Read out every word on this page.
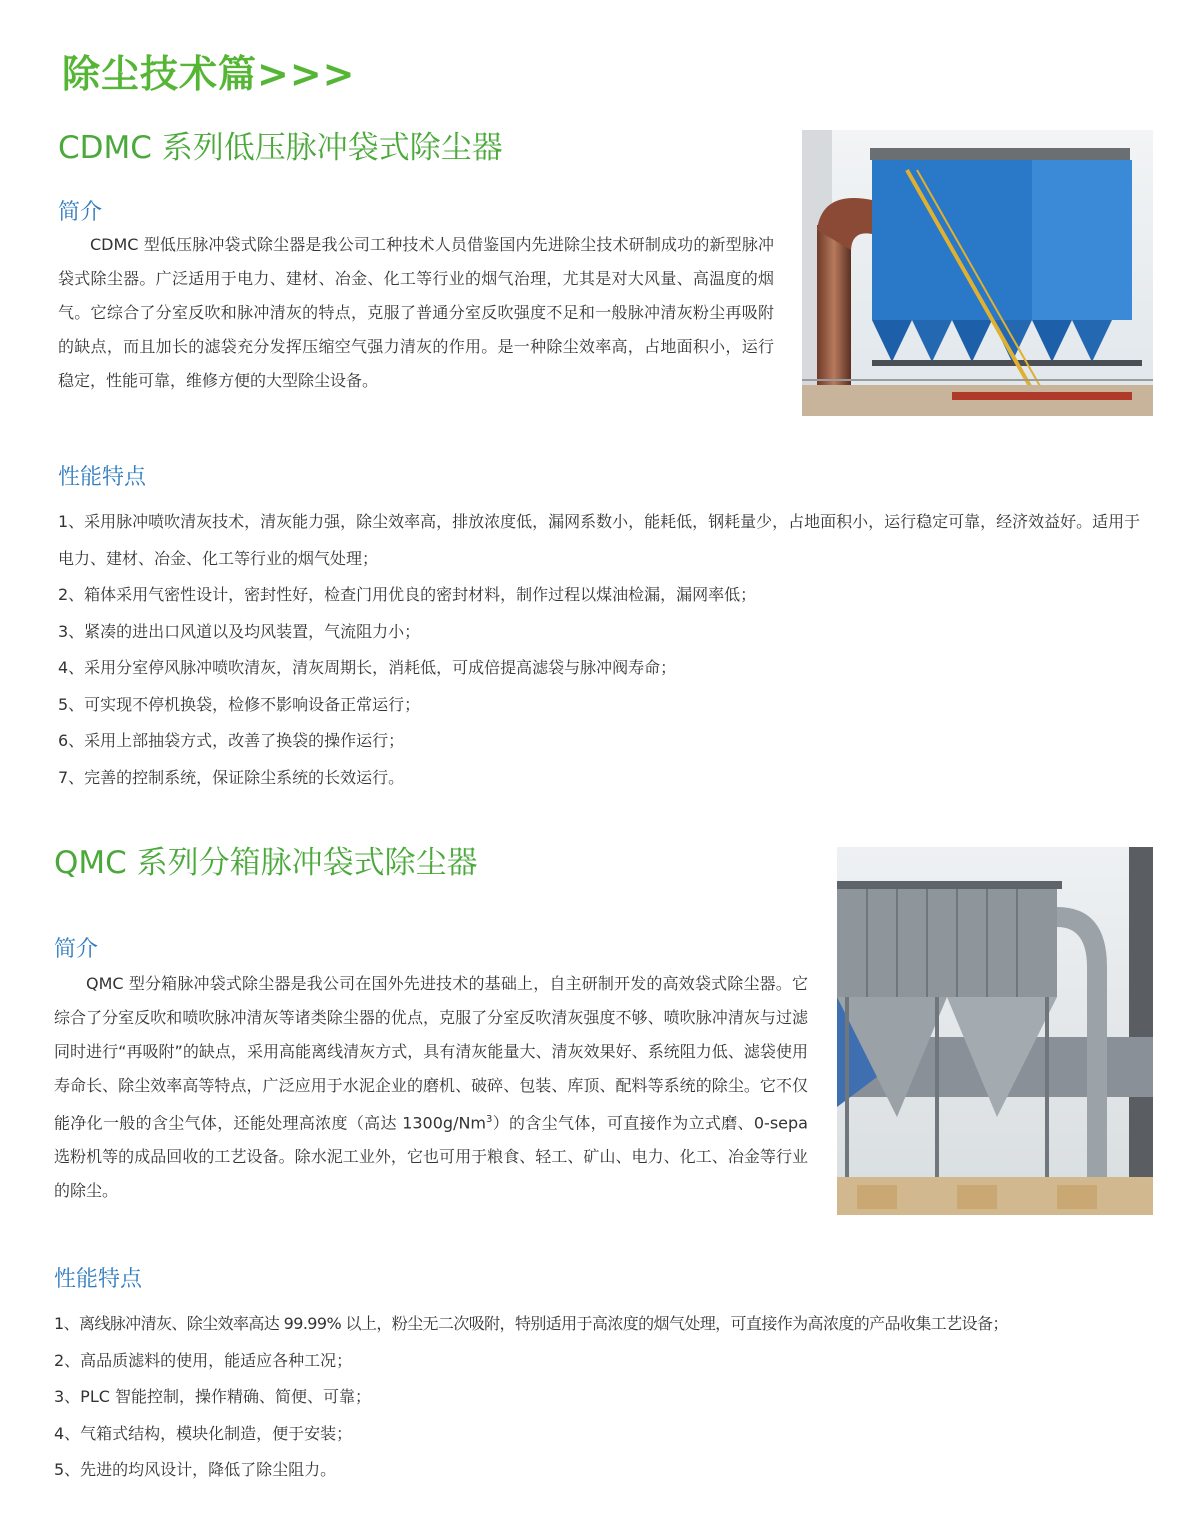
除尘技术篇>>>
CDMC 系列低压脉冲袋式除尘器
简介

CDMC 型低压脉冲袋式除尘器是我公司工种技术人员借鉴国内先进除尘技术研制成功的新型脉冲袋式除尘器。广泛适用于电力、建材、冶金、化工等行业的烟气治理，尤其是对大风量、高温度的烟气。它综合了分室反吹和脉冲清灰的特点，克服了普通分室反吹强度不足和一般脉冲清灰粉尘再吸附的缺点，而且加长的滤袋充分发挥压缩空气强力清灰的作用。是一种除尘效率高，占地面积小，运行稳定，性能可靠，维修方便的大型除尘设备。

性能特点
1、采用脉冲喷吹清灰技术，清灰能力强，除尘效率高，排放浓度低，漏网系数小，能耗低，钢耗量少，占地面积小，运行稳定可靠，经济效益好。适用于电力、建材、冶金、化工等行业的烟气处理；
2、箱体采用气密性设计，密封性好，检查门用优良的密封材料，制作过程以煤油检漏，漏网率低；
3、紧凑的进出口风道以及均风装置，气流阻力小；
4、采用分室停风脉冲喷吹清灰，清灰周期长，消耗低，可成倍提高滤袋与脉冲阀寿命；
5、可实现不停机换袋，检修不影响设备正常运行；
6、采用上部抽袋方式，改善了换袋的操作运行；
7、完善的控制系统，保证除尘系统的长效运行。
QMC 系列分箱脉冲袋式除尘器
简介

QMC 型分箱脉冲袋式除尘器是我公司在国外先进技术的基础上，自主研制开发的高效袋式除尘器。它综合了分室反吹和喷吹脉冲清灰等诸类除尘器的优点，克服了分室反吹清灰强度不够、喷吹脉冲清灰与过滤同时进行“再吸附”的缺点，采用高能离线清灰方式，具有清灰能量大、清灰效果好、系统阻力低、滤袋使用寿命长、除尘效率高等特点，广泛应用于水泥企业的磨机、破碎、包装、库顶、配料等系统的除尘。它不仅能净化一般的含尘气体，还能处理高浓度（高达 1300g/Nm$^3$）的含尘气体，可直接作为立式磨、0-sepa 选粉机等的成品回收的工艺设备。除水泥工业外，它也可用于粮食、轻工、矿山、电力、化工、冶金等行业的除尘。

性能特点
1、离线脉冲清灰、除尘效率高达 99.99% 以上，粉尘无二次吸附，特别适用于高浓度的烟气处理，可直接作为高浓度的产品收集工艺设备；
2、高品质滤料的使用，能适应各种工况；
3、PLC 智能控制，操作精确、简便、可靠；
4、气箱式结构，模块化制造，便于安装；
5、先进的均风设计，降低了除尘阻力。
